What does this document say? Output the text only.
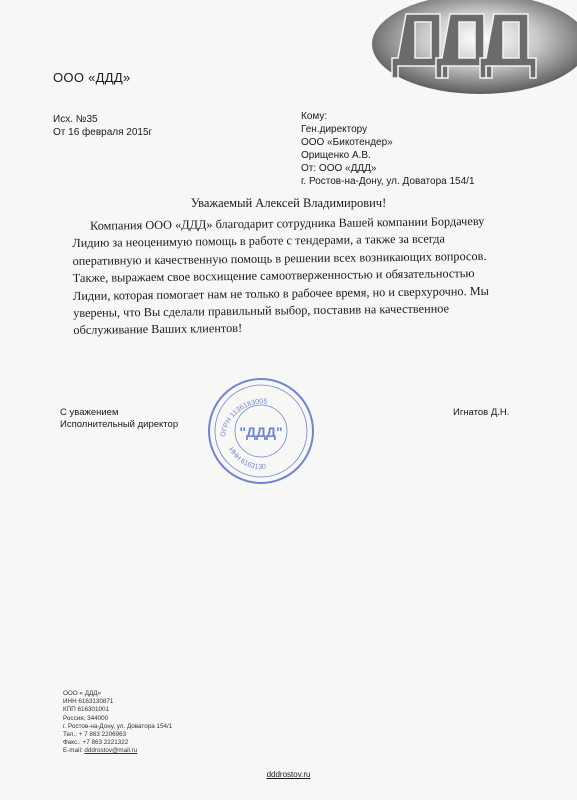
ООО «ДДД»
Исх. №35
От 16 февраля 2015г
Кому:
Ген.директору
ООО «Бикотендер»
Орищенко А.В.
От: ООО «ДДД»
г. Ростов-на-Дону, ул. Доватора 154/1
Уважаемый Алексей Владимирович!
Компания ООО «ДДД» благодарит сотрудника Вашей компании Бордачеву
Лидию за неоценимую помощь в работе с тендерами, а также за всегда
оперативную и качественную помощь в решении всех возникающих вопросов.
Также, выражаем свое восхищение самоотверженностью и обязательностью
Лидии, которая помогает нам не только в рабочее время, но и сверхурочно. Мы
уверены, что Вы сделали правильный выбор, поставив на качественное
обслуживание Ваших клиентов!
ОГРН 1136183005
ИНН 6163130
"ДДД"
С уважением
Исполнительный директор
Игнатов Д.Н.
ООО « ДДД»
ИНН 6163130871
КПП 616301001
Россия, 344000
г. Ростов-на-Дону, ул. Доватора 154/1
Тел.: + 7 863 2206963
Факс.: +7 863 2221322
E-mail: dddrostov@mail.ru
dddrostov.ru
